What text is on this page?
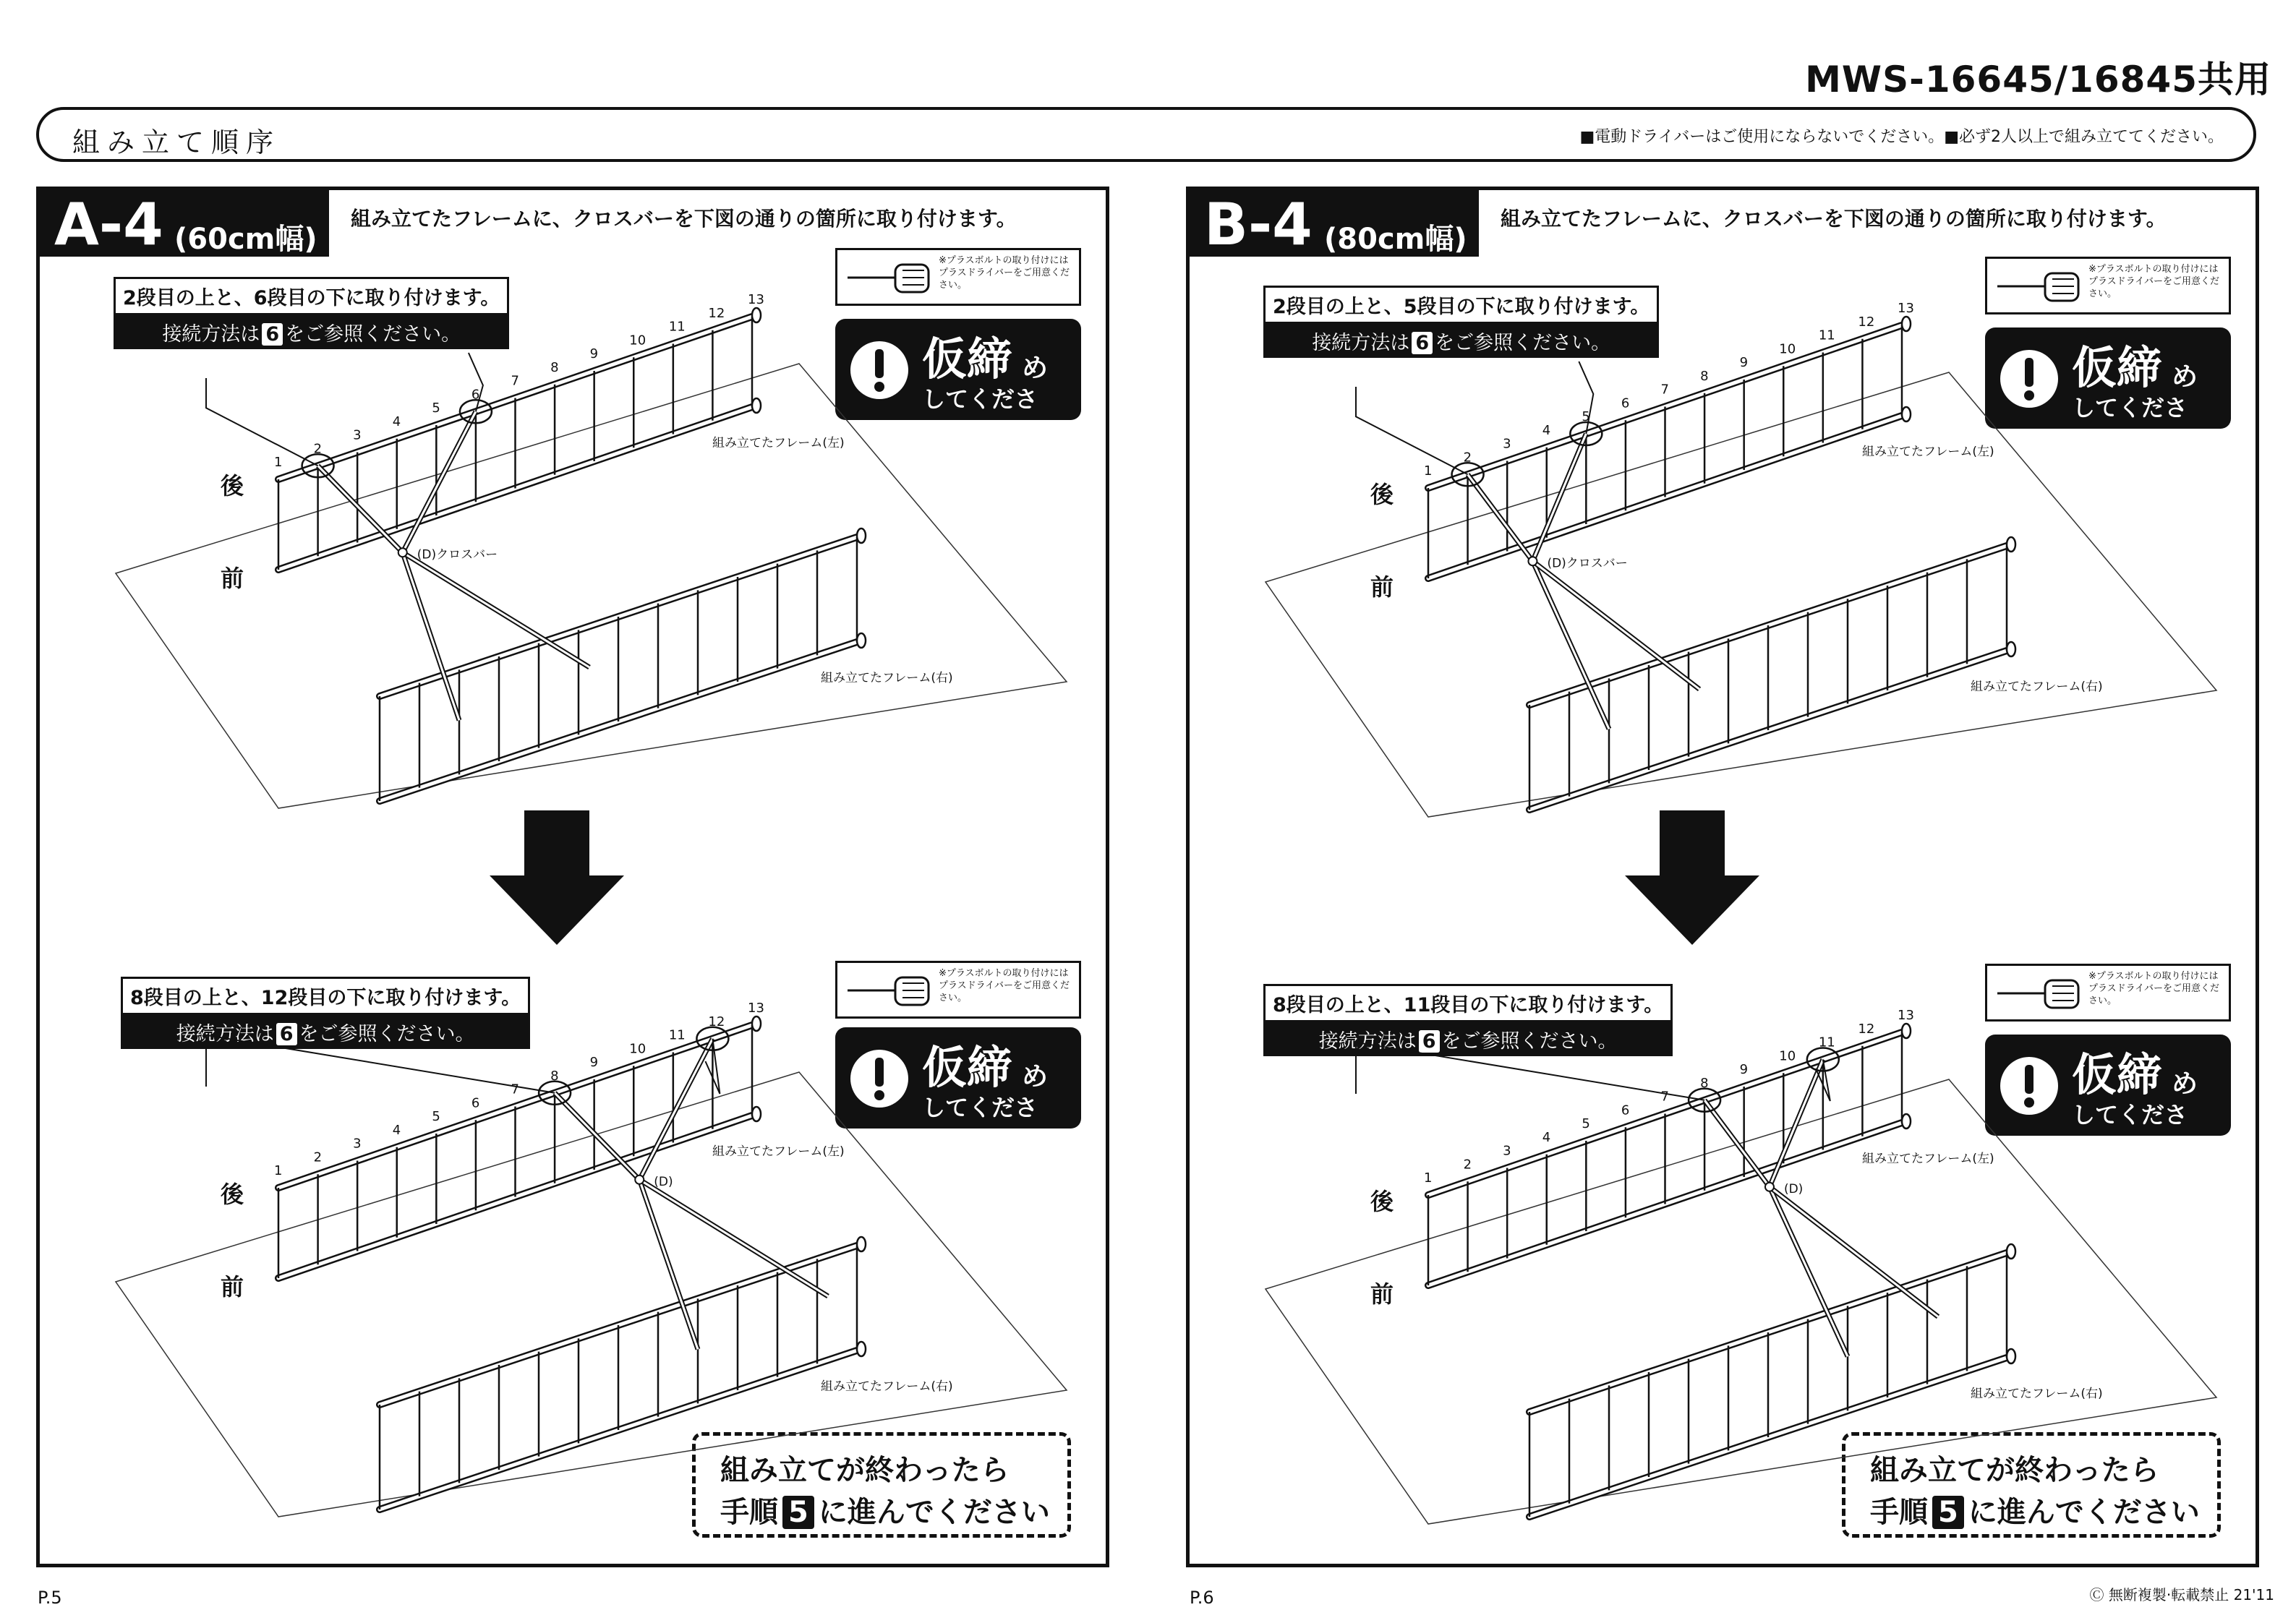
MWS-16645/16845共用
組み立て順序	■電動ドライバーはご使用にならないでください。■必ず2人以上で組み立ててください。
A-4 (60cm幅)
組み立てたフレームに、クロスバーを下図の通りの箇所に取り付けます。
2段目の上と、6段目の下に取り付けます。
接続方法は 6 をご参照ください。
8段目の上と、12段目の下に取り付けます。
接続方法は 6 をご参照ください。
※プラスボルトの取り付けにはプラスドライバーをご用意ください。
仮締 め
してください。
※プラスボルトの取り付けにはプラスドライバーをご用意ください。
仮締 め
してください。
組み立てが終わったら
手順 5 に進んでください
1
2
3
4
5
6
7
8
9
10
11
12
13
後
前
組み立てたフレーム(左)
組み立てたフレーム(右)
(D)クロスバー
1
2
3
4
5
6
7
8
9
10
11
12
13
後
前
組み立てたフレーム(左)
組み立てたフレーム(右)
(D)
B-4 (80cm幅)
組み立てたフレームに、クロスバーを下図の通りの箇所に取り付けます。
2段目の上と、5段目の下に取り付けます。
接続方法は 6 をご参照ください。
8段目の上と、11段目の下に取り付けます。
接続方法は 6 をご参照ください。
※プラスボルトの取り付けにはプラスドライバーをご用意ください。
仮締 め
してください。
※プラスボルトの取り付けにはプラスドライバーをご用意ください。
仮締 め
してください。
組み立てが終わったら
手順 5 に進んでください
1
2
3
4
5
6
7
8
9
10
11
12
13
後
前
組み立てたフレーム(左)
組み立てたフレーム(右)
(D)クロスバー
1
2
3
4
5
6
7
8
9
10
11
12
13
後
前
組み立てたフレーム(左)
組み立てたフレーム(右)
(D)
P.5	P.6	Ⓒ 無断複製·転載禁止 21'11
